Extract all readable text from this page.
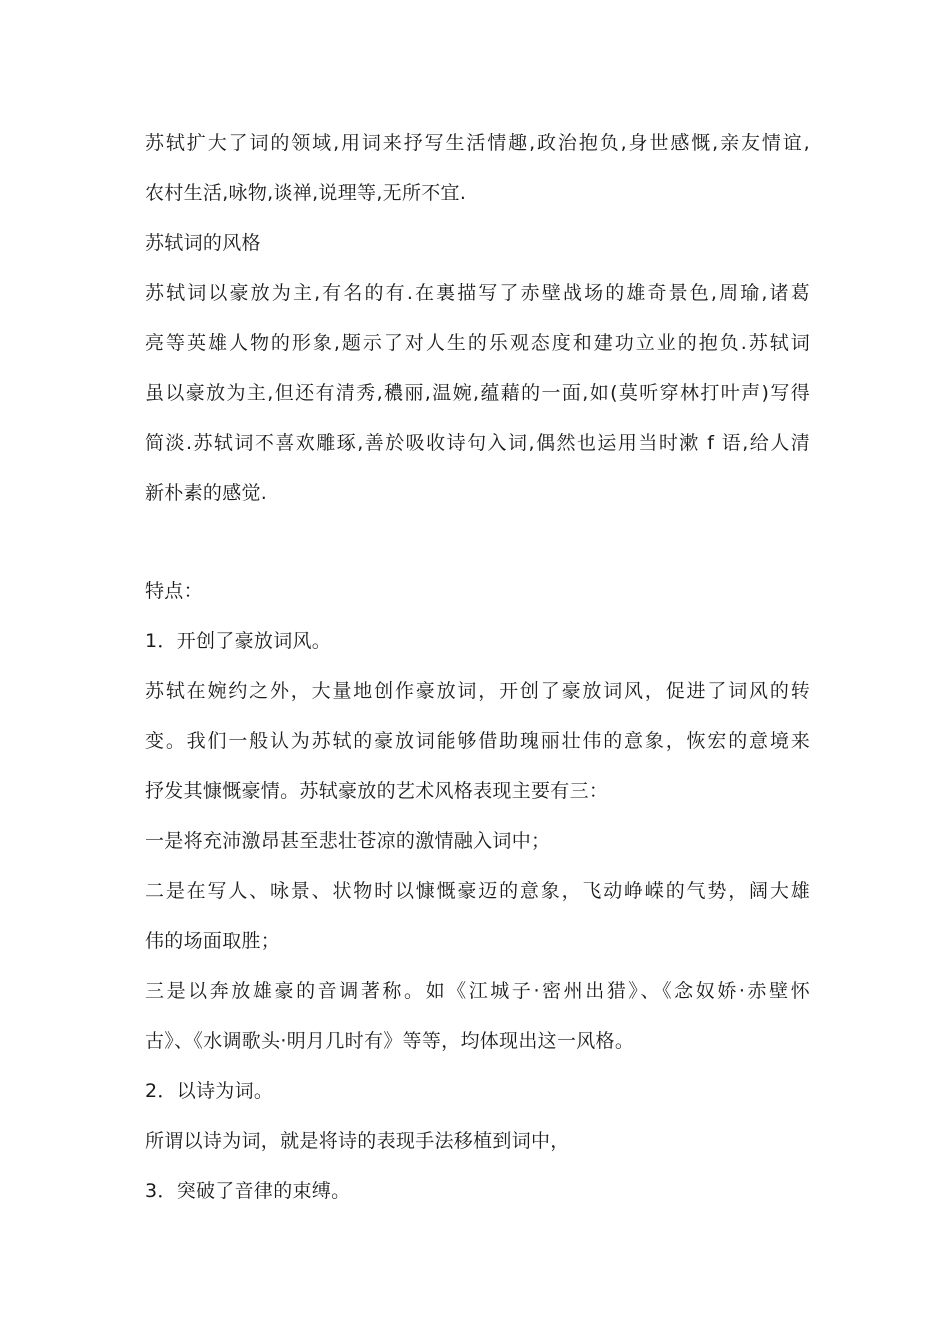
苏轼扩大了词的领域,用词来抒写生活情趣,政治抱负,身世感慨,亲友情谊,
农村生活,咏物,谈禅,说理等,无所不宜.
苏轼词的风格
苏轼词以豪放为主,有名的有.在裏描写了赤壁战场的雄奇景色,周瑜,诸葛
亮等英雄人物的形象,题示了对人生的乐观态度和建功立业的抱负.苏轼词
虽以豪放为主,但还有清秀,穠丽,温婉,蕴藉的一面,如(莫听穿林打叶声)写得
简淡.苏轼词不喜欢雕琢,善於吸收诗句入词,偶然也运用当时漱 f 语,给人清
新朴素的感觉.
特点：
1．开创了豪放词风。
苏轼在婉约之外，大量地创作豪放词，开创了豪放词风，促进了词风的转
变。我们一般认为苏轼的豪放词能够借助瑰丽壮伟的意象，恢宏的意境来
抒发其慷慨豪情。苏轼豪放的艺术风格表现主要有三：
一是将充沛激昂甚至悲壮苍凉的激情融入词中；
二是在写人、咏景、状物时以慷慨豪迈的意象，飞动峥嵘的气势，阔大雄
伟的场面取胜；
三是以奔放雄豪的音调著称。如《江城子·密州出猎》、《念奴娇·赤壁怀
古》、《水调歌头·明月几时有》等等，均体现出这一风格。
2．以诗为词。
所谓以诗为词，就是将诗的表现手法移植到词中，
3．突破了音律的束缚。
